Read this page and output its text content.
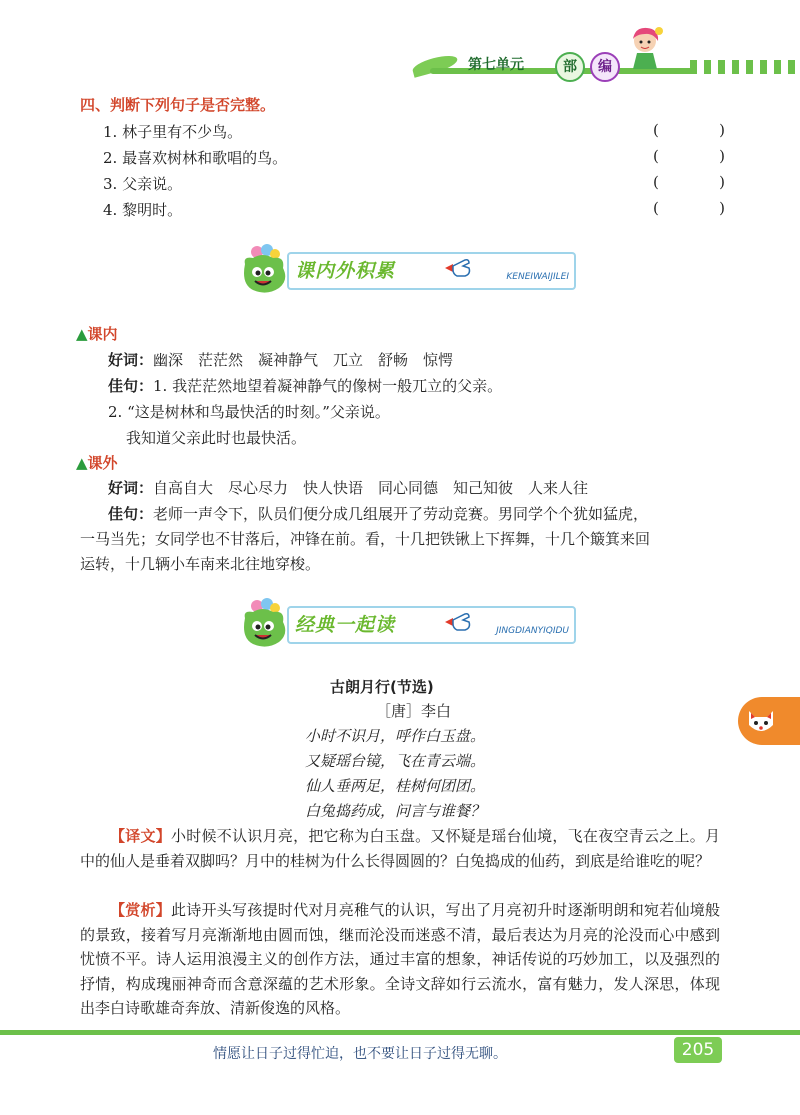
第七单元	部	编
四、判断下列句子是否完整。
1. 林子里有不少鸟。	(	)
2. 最喜欢树林和歌唱的鸟。	(	)
3. 父亲说。	(	)
4. 黎明时。	(	)
课内外积累	KENEIWAIJILEI
▲课内
好词：幽深　茫茫然　凝神静气　兀立　舒畅　惊愕
佳句：1. 我茫茫然地望着凝神静气的像树一般兀立的父亲。
2. “这是树林和鸟最快活的时刻。”父亲说。
我知道父亲此时也最快活。
▲课外
好词：自高自大　尽心尽力　快人快语　同心同德　知己知彼　人来人往
佳句：老师一声令下，队员们便分成几组展开了劳动竞赛。男同学个个犹如猛虎，
一马当先；女同学也不甘落后，冲锋在前。看，十几把铁锹上下挥舞，十几个簸箕来回
运转，十几辆小车南来北往地穿梭。
经典一起读	JINGDIANYIQIDU
古朗月行(节选)
［唐］李白
小时不识月，呼作白玉盘。
又疑瑶台镜，飞在青云端。
仙人垂两足，桂树何团团。
白兔捣药成，问言与谁餐？
【译文】小时候不认识月亮，把它称为白玉盘。又怀疑是瑶台仙境，飞在夜空青云之上。月中的仙人是垂着双脚吗？月中的桂树为什么长得圆圆的？白兔捣成的仙药，到底是给谁吃的呢？
【赏析】此诗开头写孩提时代对月亮稚气的认识，写出了月亮初升时逐渐明朗和宛若仙境般的景致，接着写月亮渐渐地由圆而蚀，继而沦没而迷惑不清，最后表达为月亮的沦没而心中感到忧愤不平。诗人运用浪漫主义的创作方法，通过丰富的想象，神话传说的巧妙加工，以及强烈的抒情，构成瑰丽神奇而含意深蕴的艺术形象。全诗文辞如行云流水，富有魅力，发人深思，体现出李白诗歌雄奇奔放、清新俊逸的风格。
情愿让日子过得忙迫，也不要让日子过得无聊。	205
